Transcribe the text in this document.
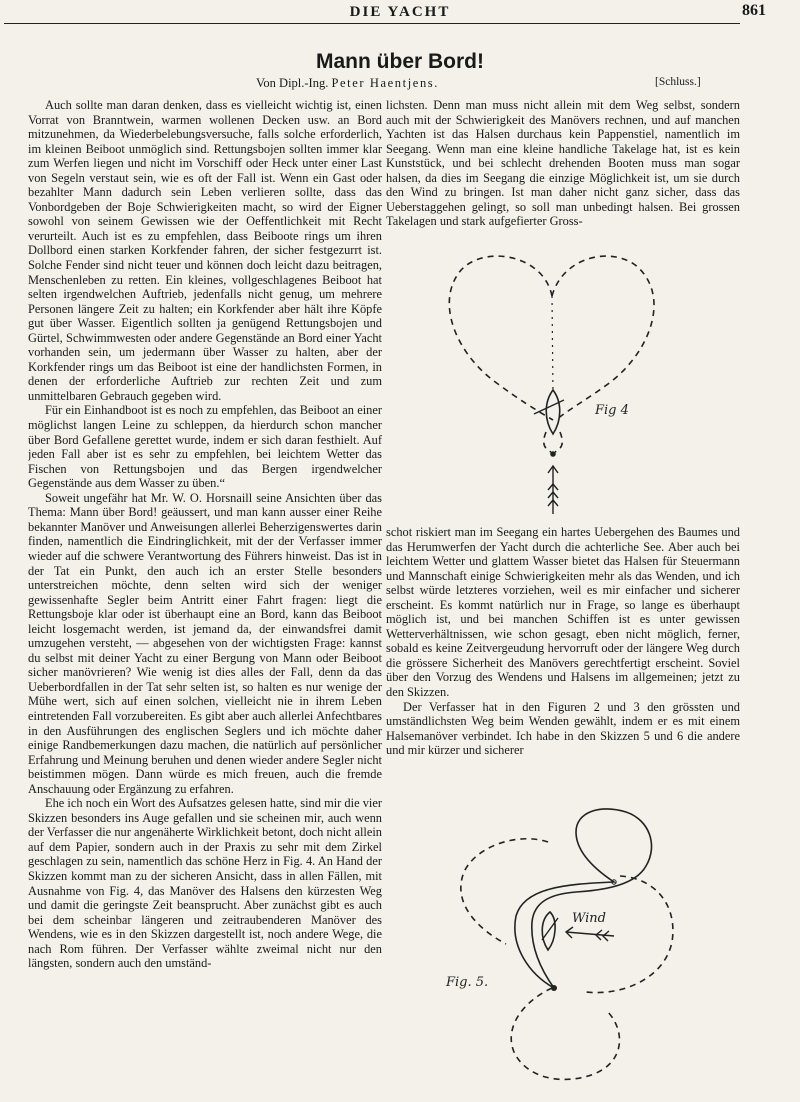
DIE YACHT	861
Mann über Bord!
Von Dipl.-Ing. Peter Haentjens.	[Schluss.]

Auch sollte man daran denken, dass es vielleicht wichtig ist, einen Vorrat von Branntwein, warmen wollenen Decken usw. an Bord mitzunehmen, da Wiederbelebungsversuche, falls solche erforderlich, im kleinen Beiboot unmöglich sind. Rettungsbojen sollten immer klar zum Werfen liegen und nicht im Vorschiff oder Heck unter einer Last von Segeln verstaut sein, wie es oft der Fall ist. Wenn ein Gast oder bezahlter Mann dadurch sein Leben verlieren sollte, dass das Vonbordgeben der Boje Schwierigkeiten macht, so wird der Eigner sowohl von seinem Gewissen wie der Oeffentlichkeit mit Recht verurteilt. Auch ist es zu empfehlen, dass Beiboote rings um ihren Dollbord einen starken Korkfender fahren, der sicher festgezurrt ist. Solche Fender sind nicht teuer und können doch leicht dazu beitragen, Menschenleben zu retten. Ein kleines, vollgeschlagenes Beiboot hat selten irgendwelchen Auftrieb, jedenfalls nicht genug, um mehrere Personen längere Zeit zu halten; ein Korkfender aber hält ihre Köpfe gut über Wasser. Eigentlich sollten ja genügend Rettungsbojen und Gürtel, Schwimmwesten oder andere Gegenstände an Bord einer Yacht vorhanden sein, um jedermann über Wasser zu halten, aber der Korkfender rings um das Beiboot ist eine der handlichsten Formen, in denen der erforderliche Auftrieb zur rechten Zeit und zum unmittelbaren Gebrauch gegeben wird.

Für ein Einhandboot ist es noch zu empfehlen, das Beiboot an einer möglichst langen Leine zu schleppen, da hierdurch schon mancher über Bord Gefallene gerettet wurde, indem er sich daran festhielt. Auf jeden Fall aber ist es sehr zu empfehlen, bei leichtem Wetter das Fischen von Rettungsbojen und das Bergen irgendwelcher Gegenstände aus dem Wasser zu üben.“

Soweit ungefähr hat Mr. W. O. Horsnaill seine Ansichten über das Thema: Mann über Bord! geäussert, und man kann ausser einer Reihe bekannter Manöver und Anweisungen allerlei Beherzigenswertes darin finden, namentlich die Eindringlichkeit, mit der der Verfasser immer wieder auf die schwere Verantwortung des Führers hinweist. Das ist in der Tat ein Punkt, den auch ich an erster Stelle besonders unterstreichen möchte, denn selten wird sich der weniger gewissenhafte Segler beim Antritt einer Fahrt fragen: liegt die Rettungsboje klar oder ist überhaupt eine an Bord, kann das Beiboot leicht losgemacht werden, ist jemand da, der einwandsfrei damit umzugehen versteht, — abgesehen von der wichtigsten Frage: kannst du selbst mit deiner Yacht zu einer Bergung von Mann oder Beiboot sicher manövrieren? Wie wenig ist dies alles der Fall, denn da das Ueberbordfallen in der Tat sehr selten ist, so halten es nur wenige der Mühe wert, sich auf einen solchen, vielleicht nie in ihrem Leben eintretenden Fall vorzubereiten. Es gibt aber auch allerlei Anfechtbares in den Ausführungen des englischen Seglers und ich möchte daher einige Randbemerkungen dazu machen, die natürlich auf persönlicher Erfahrung und Meinung beruhen und denen wieder andere Segler nicht beistimmen mögen. Dann würde es mich freuen, auch die fremde Anschauung oder Ergänzung zu erfahren.

Ehe ich noch ein Wort des Aufsatzes gelesen hatte, sind mir die vier Skizzen besonders ins Auge gefallen und sie scheinen mir, auch wenn der Verfasser die nur angenäherte Wirklichkeit betont, doch nicht allein auf dem Papier, sondern auch in der Praxis zu sehr mit dem Zirkel geschlagen zu sein, namentlich das schöne Herz in Fig. 4. An Hand der Skizzen kommt man zu der sicheren Ansicht, dass in allen Fällen, mit Ausnahme von Fig. 4, das Manöver des Halsens den kürzesten Weg und damit die geringste Zeit beansprucht. Aber zunächst gibt es auch bei dem scheinbar längeren und zeitraubenderen Manöver des Wendens, wie es in den Skizzen dargestellt ist, noch andere Wege, die nach Rom führen. Der Verfasser wählte zweimal nicht nur den längsten, sondern auch den umständ-

lichsten. Denn man muss nicht allein mit dem Weg selbst, sondern auch mit der Schwierigkeit des Manövers rechnen, und auf manchen Yachten ist das Halsen durchaus kein Pappenstiel, namentlich im Seegang. Wenn man eine kleine handliche Takelage hat, ist es kein Kunststück, und bei schlecht drehenden Booten muss man sogar halsen, da dies im Seegang die einzige Möglichkeit ist, um sie durch den Wind zu bringen. Ist man daher nicht ganz sicher, dass das Ueberstaggehen gelingt, so soll man unbedingt halsen. Bei grossen Takelagen und stark aufgefierter Gross-

Fig 4

schot riskiert man im Seegang ein hartes Uebergehen des Baumes und das Herumwerfen der Yacht durch die achterliche See. Aber auch bei leichtem Wetter und glattem Wasser bietet das Halsen für Steuermann und Mannschaft einige Schwierigkeiten mehr als das Wenden, und ich selbst würde letzteres vorziehen, weil es mir einfacher und sicherer erscheint. Es kommt natürlich nur in Frage, so lange es überhaupt möglich ist, und bei manchen Schiffen ist es unter gewissen Wetterverhältnissen, wie schon gesagt, eben nicht möglich, ferner, sobald es keine Zeitvergeudung hervorruft oder der längere Weg durch die grössere Sicherheit des Manövers gerechtfertigt erscheint. Soviel über den Vorzug des Wendens und Halsens im allgemeinen; jetzt zu den Skizzen.

Der Verfasser hat in den Figuren 2 und 3 den grössten und umständlichsten Weg beim Wenden gewählt, indem er es mit einem Halsemanöver verbindet. Ich habe in den Skizzen 5 und 6 die andere und mir kürzer und sicherer

Wind
Fig. 5.
